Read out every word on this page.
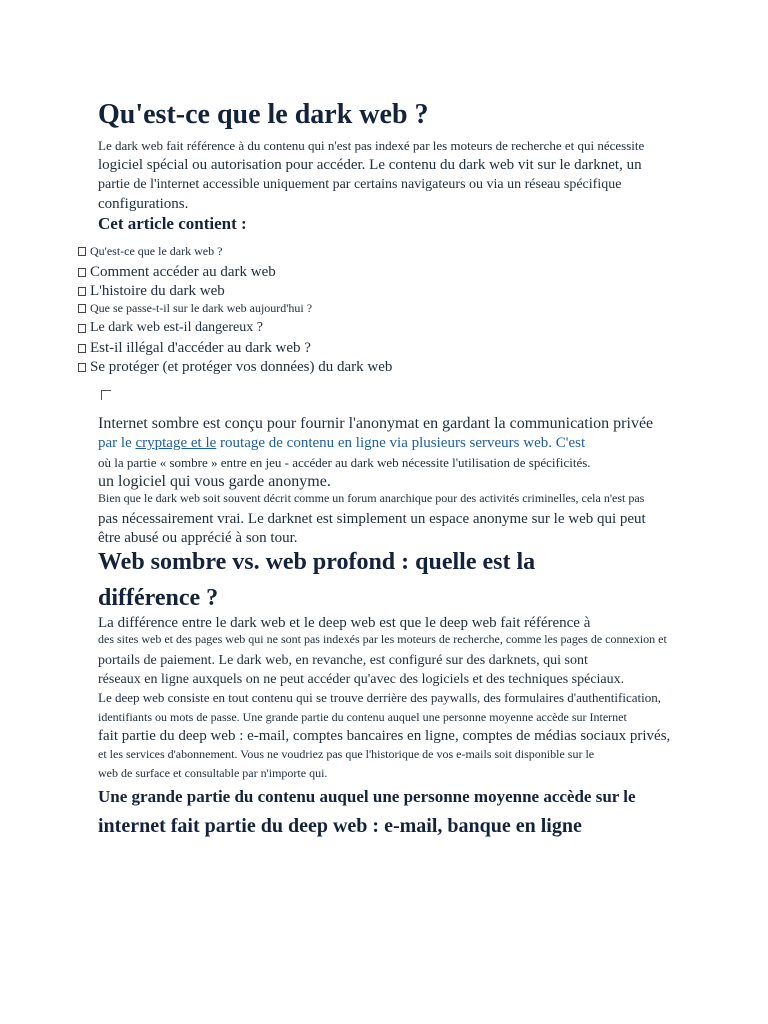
Qu'est-ce que le dark web ?
Le dark web fait référence à du contenu qui n'est pas indexé par les moteurs de recherche et qui nécessite
logiciel spécial ou autorisation pour accéder. Le contenu du dark web vit sur le darknet, un
partie de l'internet accessible uniquement par certains navigateurs ou via un réseau spécifique
configurations.
Cet article contient :
Qu'est-ce que le dark web ?
Comment accéder au dark web
L'histoire du dark web
Que se passe-t-il sur le dark web aujourd'hui ?
Le dark web est-il dangereux ?
Est-il illégal d'accéder au dark web ?
Se protéger (et protéger vos données) du dark web
Internet sombre est conçu pour fournir l'anonymat en gardant la communication privée
par le cryptage et le routage de contenu en ligne via plusieurs serveurs web. C'est
où la partie « sombre » entre en jeu - accéder au dark web nécessite l'utilisation de spécificités.
un logiciel qui vous garde anonyme.
Bien que le dark web soit souvent décrit comme un forum anarchique pour des activités criminelles, cela n'est pas
pas nécessairement vrai. Le darknet est simplement un espace anonyme sur le web qui peut
être abusé ou apprécié à son tour.
Web sombre vs. web profond : quelle est la
différence ?
La différence entre le dark web et le deep web est que le deep web fait référence à
des sites web et des pages web qui ne sont pas indexés par les moteurs de recherche, comme les pages de connexion et
portails de paiement. Le dark web, en revanche, est configuré sur des darknets, qui sont
réseaux en ligne auxquels on ne peut accéder qu'avec des logiciels et des techniques spéciaux.
Le deep web consiste en tout contenu qui se trouve derrière des paywalls, des formulaires d'authentification,
identifiants ou mots de passe. Une grande partie du contenu auquel une personne moyenne accède sur Internet
fait partie du deep web : e-mail, comptes bancaires en ligne, comptes de médias sociaux privés,
et les services d'abonnement. Vous ne voudriez pas que l'historique de vos e-mails soit disponible sur le
web de surface et consultable par n'importe qui.
Une grande partie du contenu auquel une personne moyenne accède sur le
internet fait partie du deep web : e-mail, banque en ligne
